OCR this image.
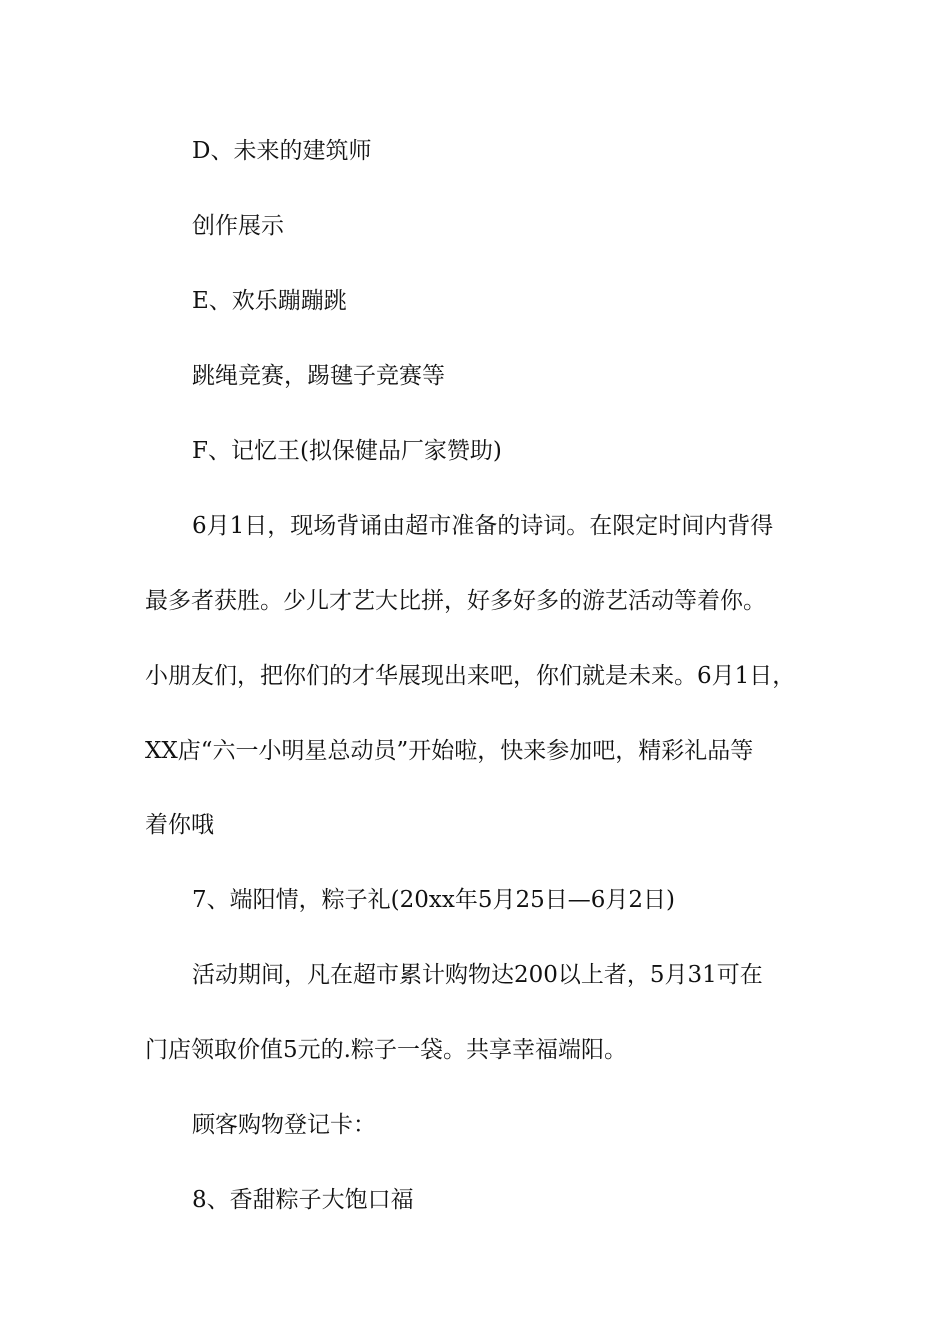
D、未来的建筑师

创作展示

E、欢乐蹦蹦跳

跳绳竞赛，踢毽子竞赛等

F、记忆王(拟保健品厂家赞助)

6月1日，现场背诵由超市准备的诗词。在限定时间内背得

最多者获胜。少儿才艺大比拼，好多好多的游艺活动等着你。

小朋友们，把你们的才华展现出来吧，你们就是未来。6月1日，

XX店“六一小明星总动员”开始啦，快来参加吧，精彩礼品等

着你哦

7、端阳情，粽子礼(20xx年5月25日—6月2日)

活动期间，凡在超市累计购物达200以上者，5月31可在

门店领取价值5元的.粽子一袋。共享幸福端阳。

顾客购物登记卡：

8、香甜粽子大饱口福
